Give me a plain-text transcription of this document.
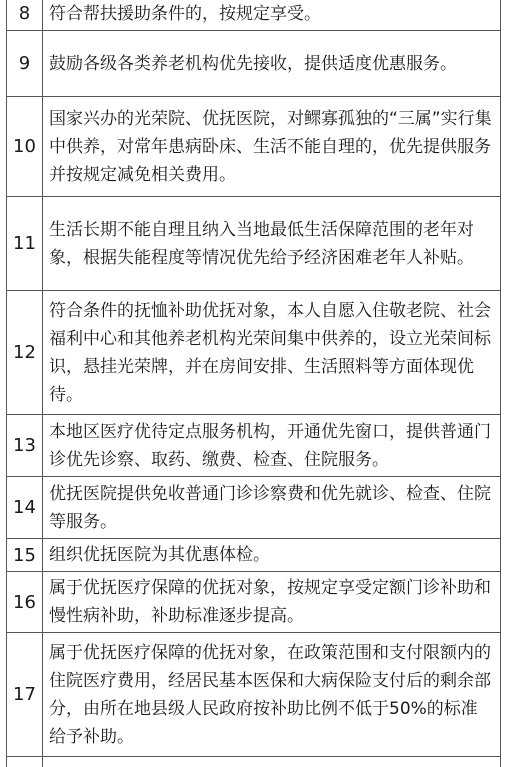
8	符合帮扶援助条件的，按规定享受。
9	鼓励各级各类养老机构优先接收，提供适度优惠服务。
10	国家兴办的光荣院、优抚医院，对鳏寡孤独的“三属”实行集中供养，对常年患病卧床、生活不能自理的，优先提供服务并按规定减免相关费用。
11	生活长期不能自理且纳入当地最低生活保障范围的老年对象，根据失能程度等情况优先给予经济困难老年人补贴。
12	符合条件的抚恤补助优抚对象，本人自愿入住敬老院、社会福利中心和其他养老机构光荣间集中供养的，设立光荣间标识，悬挂光荣牌，并在房间安排、生活照料等方面体现优待。
13	本地区医疗优待定点服务机构，开通优先窗口，提供普通门诊优先诊察、取药、缴费、检查、住院服务。
14	优抚医院提供免收普通门诊诊察费和优先就诊、检查、住院等服务。
15	组织优抚医院为其优惠体检。
16	属于优抚医疗保障的优抚对象，按规定享受定额门诊补助和慢性病补助，补助标准逐步提高。
17	属于优抚医疗保障的优抚对象，在政策范围和支付限额内的住院医疗费用，经居民基本医保和大病保险支付后的剩余部分，由所在地县级人民政府按补助比例不低于50%的标准给予补助。
